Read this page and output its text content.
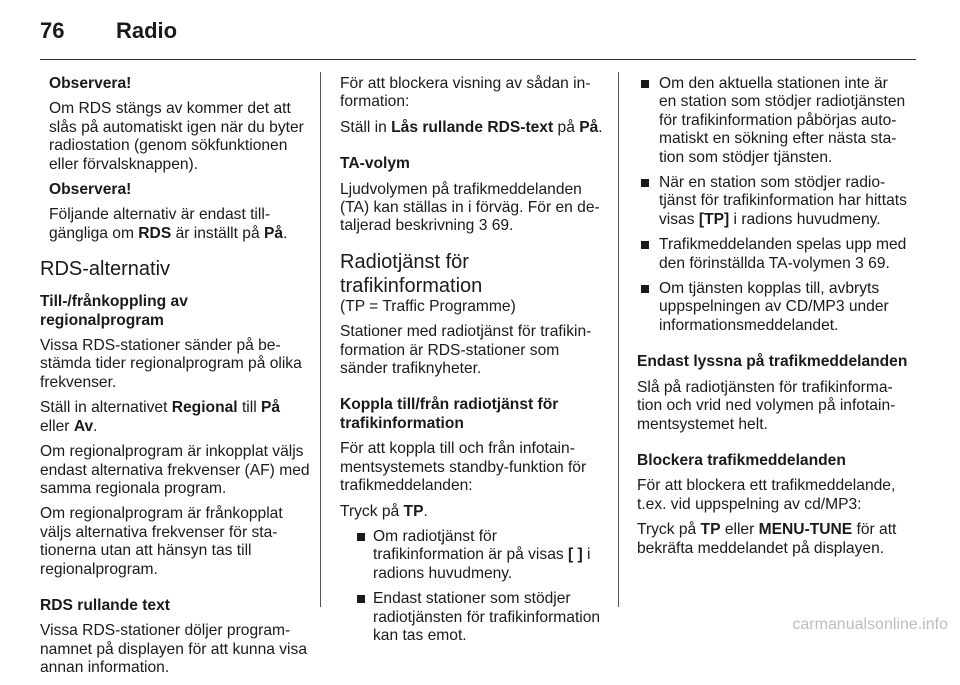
76 Radio

Observera!

Om RDS stängs av kommer det att slås på automatiskt igen när du byter radiostation (genom sökfunktionen eller förvalsknappen).

Observera!

Följande alternativ är endast tillgängliga om RDS är inställt på På.

RDS-alternativ

Till-/frånkoppling av regionalprogram

Vissa RDS-stationer sänder på bestämda tider regionalprogram på olika frekvenser.

Ställ in alternativet Regional till På eller Av.

Om regionalprogram är inkopplat väljs endast alternativa frekvenser (AF) med samma regionala program.

Om regionalprogram är frånkopplat väljs alternativa frekvenser för stationerna utan att hänsyn tas till regionalprogram.

RDS rullande text

Vissa RDS-stationer döljer programnamnet på displayen för att kunna visa annan information.

För att blockera visning av sådan information:

Ställ in Lås rullande RDS-text på På.

TA-volym

Ljudvolymen på trafikmeddelanden (TA) kan ställas in i förväg. För en detaljerad beskrivning 3 69.

Radiotjänst för trafikinformation

(TP = Traffic Programme)

Stationer med radiotjänst för trafikinformation är RDS-stationer som sänder trafiknyheter.

Koppla till/från radiotjänst för trafikinformation

För att koppla till och från infotainmentsystemets standby-funktion för trafikmeddelanden:

Tryck på TP.

Om radiotjänst för trafikinformation är på visas [ ] i radions huvudmeny.
Endast stationer som stödjer radiotjänsten för trafikinformation kan tas emot.
Om den aktuella stationen inte är en station som stödjer radiotjänsten för trafikinformation påbörjas automatiskt en sökning efter nästa station som stödjer tjänsten.
När en station som stödjer radiotjänst för trafikinformation har hittats visas [TP] i radions huvudmeny.
Trafikmeddelanden spelas upp med den förinställda TA-volymen 3 69.
Om tjänsten kopplas till, avbryts uppspelningen av CD/MP3 under informationsmeddelandet.

Endast lyssna på trafikmeddelanden

Slå på radiotjänsten för trafikinformation och vrid ned volymen på infotainmentsystemet helt.

Blockera trafikmeddelanden

För att blockera ett trafikmeddelande, t.ex. vid uppspelning av cd/MP3:

Tryck på TP eller MENU-TUNE för att bekräfta meddelandet på displayen.

carmanualsonline.info
